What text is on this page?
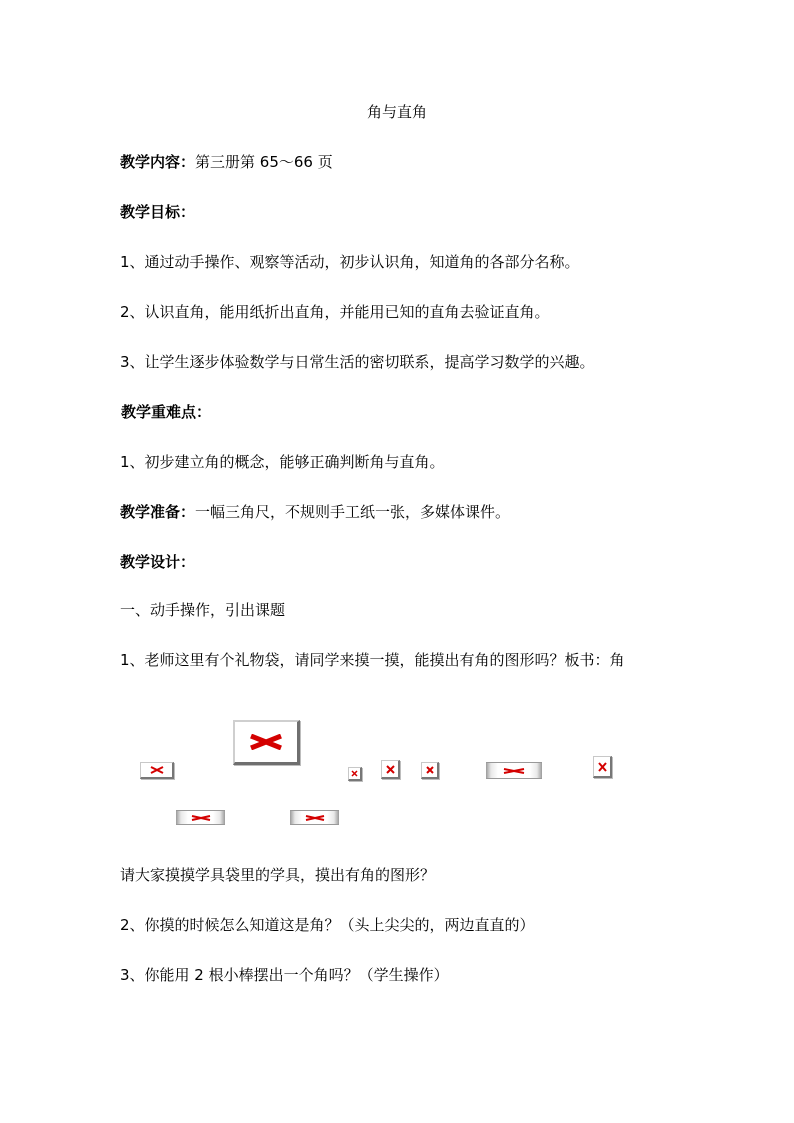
角与直角
教学内容：第三册第 65～66 页
教学目标：
1、通过动手操作、观察等活动，初步认识角，知道角的各部分名称。
2、认识直角，能用纸折出直角，并能用已知的直角去验证直角。
3、让学生逐步体验数学与日常生活的密切联系，提高学习数学的兴趣。
教学重难点：
1、初步建立角的概念，能够正确判断角与直角。
教学准备：一幅三角尺，不规则手工纸一张，多媒体课件。
教学设计：
一、动手操作，引出课题
1、老师这里有个礼物袋，请同学来摸一摸，能摸出有角的图形吗？板书：角
请大家摸摸学具袋里的学具，摸出有角的图形？
2、你摸的时候怎么知道这是角？（头上尖尖的，两边直直的）
3、你能用 2 根小棒摆出一个角吗？（学生操作）
